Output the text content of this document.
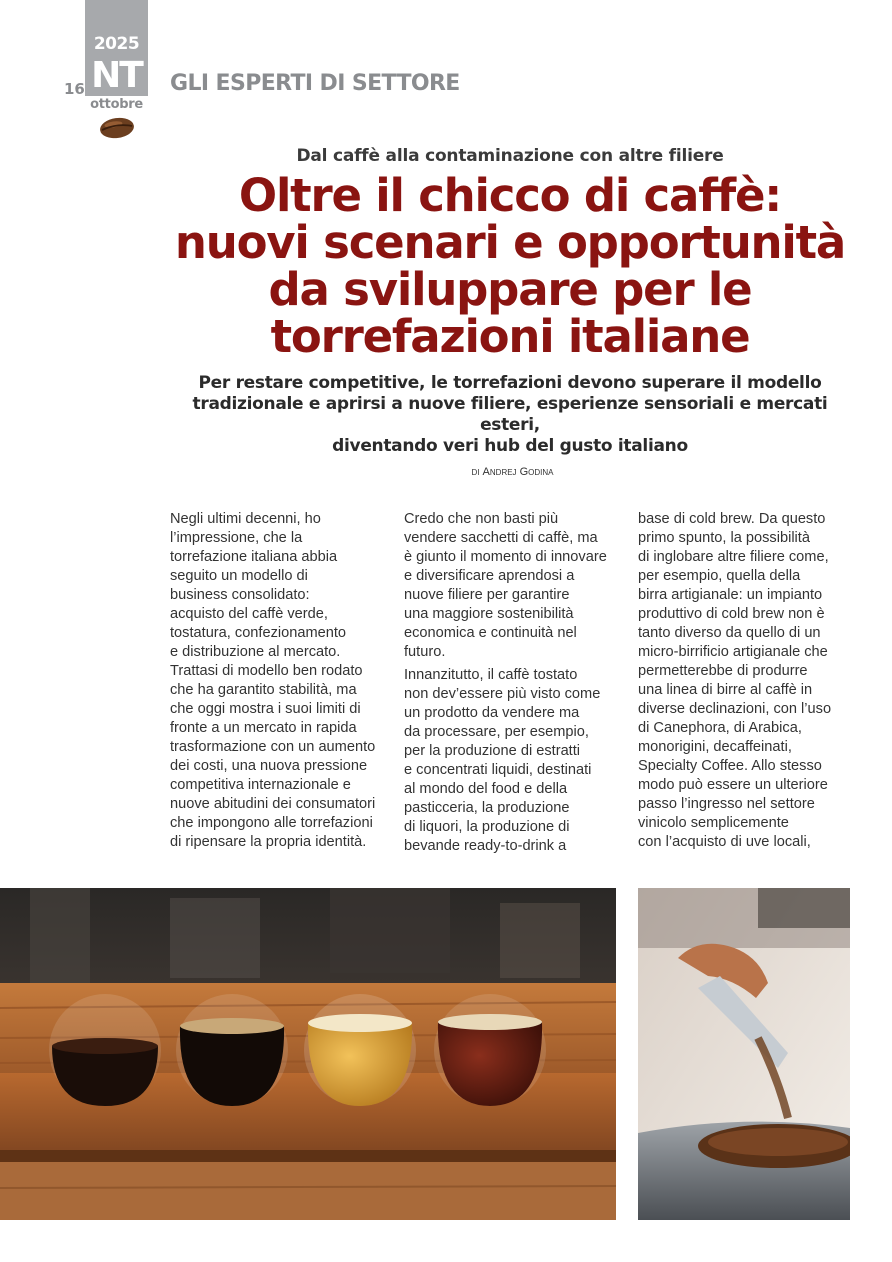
2025
NT
ottobre
16	GLI ESPERTI DI SETTORE
Dal caffè alla contaminazione con altre filiere
Oltre il chicco di caffè:
nuovi scenari e opportunità
da sviluppare per le
torrefazioni italiane

Per restare competitive, le torrefazioni devono superare il modello
tradizionale e aprirsi a nuove filiere, esperienze sensoriali e mercati esteri,
diventando veri hub del gusto italiano

di Andrej Godina

Negli ultimi decenni, ho
l’impressione, che la
torrefazione italiana abbia
seguito un modello di
business consolidato:
acquisto del caffè verde,
tostatura, confezionamento
e distribuzione al mercato.
Trattasi di modello ben rodato
che ha garantito stabilità, ma
che oggi mostra i suoi limiti di
fronte a un mercato in rapida
trasformazione con un aumento
dei costi, una nuova pressione
competitiva internazionale e
nuove abitudini dei consumatori
che impongono alle torrefazioni
di ripensare la propria identità.

Credo che non basti più
vendere sacchetti di caffè, ma
è giunto il momento di innovare
e diversificare aprendosi a
nuove filiere per garantire
una maggiore sostenibilità
economica e continuità nel
futuro.

Innanzitutto, il caffè tostato
non dev’essere più visto come
un prodotto da vendere ma
da processare, per esempio,
per la produzione di estratti
e concentrati liquidi, destinati
al mondo del food e della
pasticceria, la produzione
di liquori, la produzione di
bevande ready-to-drink a

base di cold brew. Da questo
primo spunto, la possibilità
di inglobare altre filiere come,
per esempio, quella della
birra artigianale: un impianto
produttivo di cold brew non è
tanto diverso da quello di un
micro-birrificio artigianale che
permetterebbe di produrre
una linea di birre al caffè in
diverse declinazioni, con l’uso
di Canephora, di Arabica,
monorigini, decaffeinati,
Specialty Coffee. Allo stesso
modo può essere un ulteriore
passo l’ingresso nel settore
vinicolo semplicemente
con l’acquisto di uve locali,
